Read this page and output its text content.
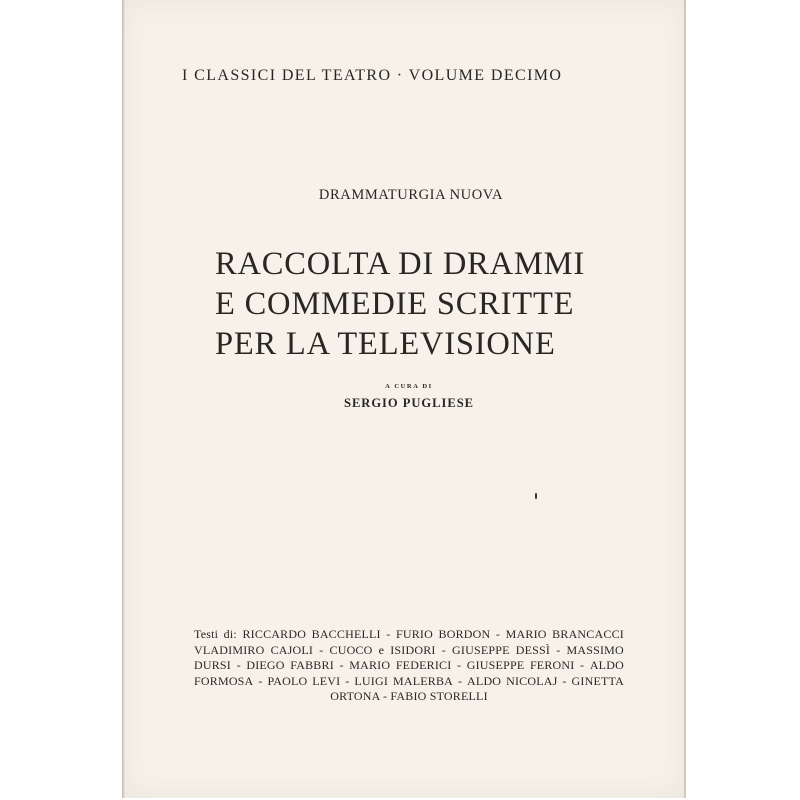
I CLASSICI DEL TEATRO · VOLUME DECIMO
DRAMMATURGIA NUOVA
RACCOLTA DI DRAMMI
E COMMEDIE SCRITTE
PER LA TELEVISIONE
A CURA DI
SERGIO PUGLIESE
Testi di: RICCARDO BACCHELLI - FURIO BORDON - MARIO BRANCACCI
VLADIMIRO CAJOLI - CUOCO e ISIDORI - GIUSEPPE DESSÌ - MASSIMO
DURSI - DIEGO FABBRI - MARIO FEDERICI - GIUSEPPE FERONI - ALDO
FORMOSA - PAOLO LEVI - LUIGI MALERBA - ALDO NICOLAJ - GINETTA
ORTONA - FABIO STORELLI
